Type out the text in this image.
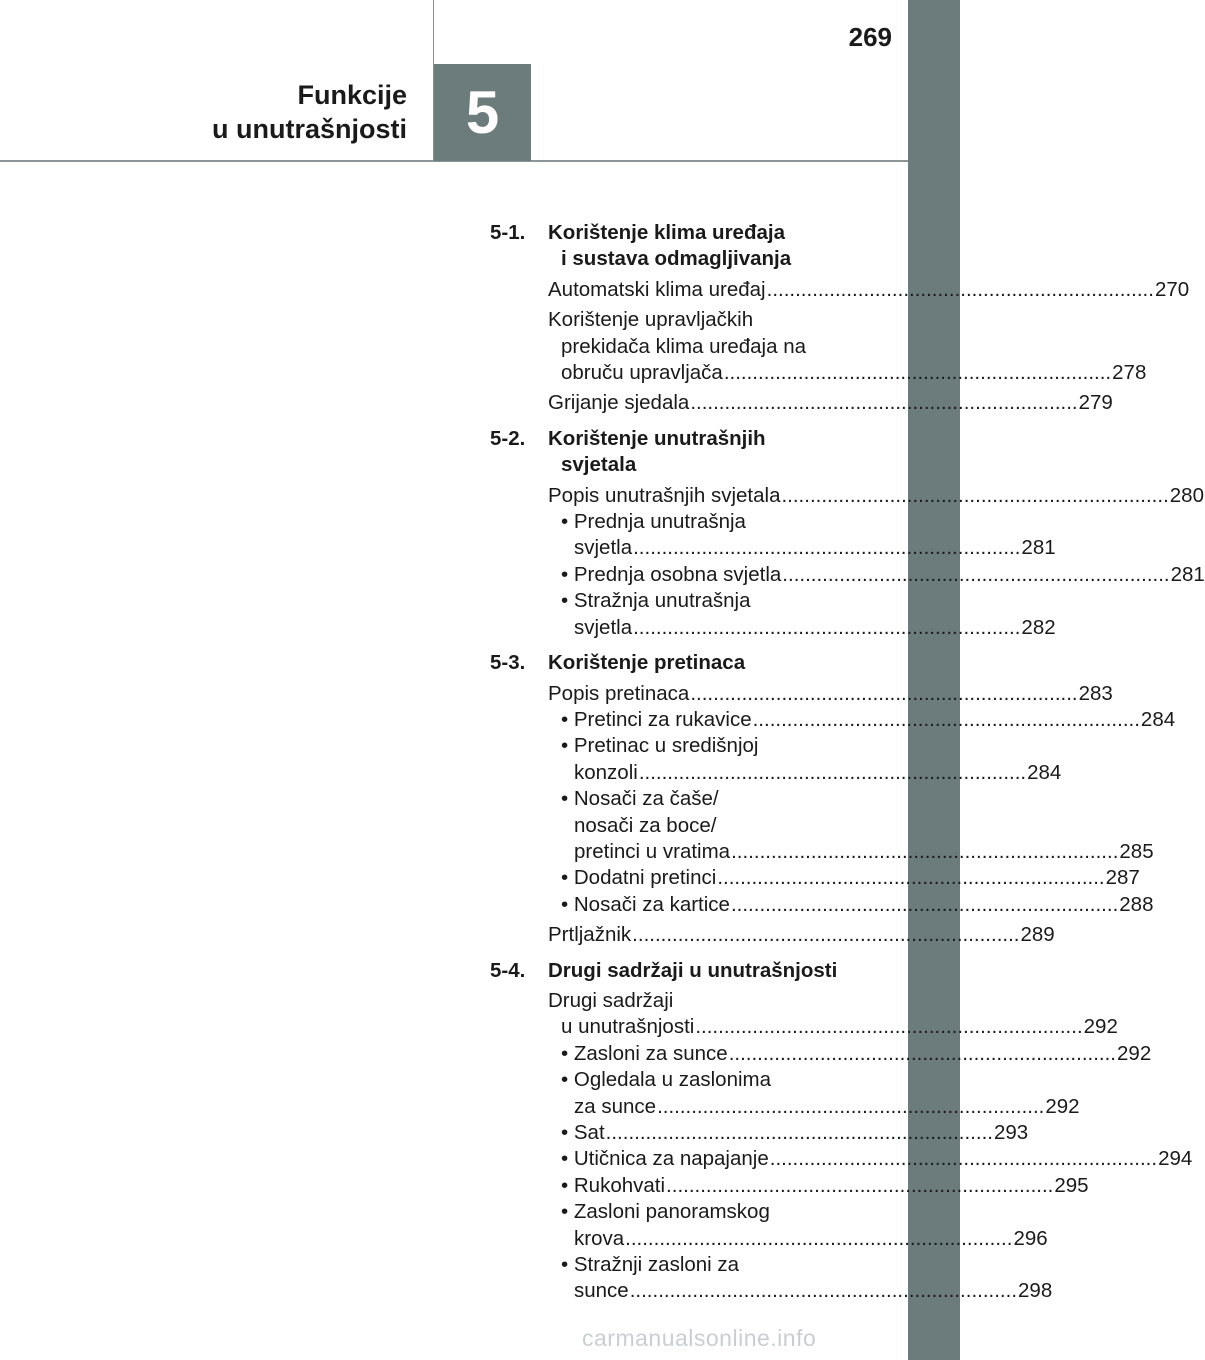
269
Funkcije
u unutrašnjosti 5
5-1.	Korištenje klima uređaja
i sustava odmagljivanja
Automatski klima uređaj .................................................................... 270
Korištenje upravljačkih
prekidača klima uređaja na
obruču upravljača .................................................................... 278
Grijanje sjedala .................................................................... 279
5-2.	Korištenje unutrašnjih
svjetala
Popis unutrašnjih svjetala .................................................................... 280
• Prednja unutrašnja
svjetla .................................................................... 281
• Prednja osobna svjetla .................................................................... 281
• Stražnja unutrašnja
svjetla .................................................................... 282
5-3.	Korištenje pretinaca
Popis pretinaca .................................................................... 283
• Pretinci za rukavice .................................................................... 284
• Pretinac u središnjoj
konzoli .................................................................... 284
• Nosači za čaše/
nosači za boce/
pretinci u vratima .................................................................... 285
• Dodatni pretinci .................................................................... 287
• Nosači za kartice .................................................................... 288
Prtljažnik .................................................................... 289
5-4.	Drugi sadržaji u unutrašnjosti
Drugi sadržaji
u unutrašnjosti .................................................................... 292
• Zasloni za sunce .................................................................... 292
• Ogledala u zaslonima
za sunce .................................................................... 292
• Sat .................................................................... 293
• Utičnica za napajanje .................................................................... 294
• Rukohvati .................................................................... 295
• Zasloni panoramskog
krova .................................................................... 296
• Stražnji zasloni za
sunce .................................................................... 298
carmanualsonline.info
